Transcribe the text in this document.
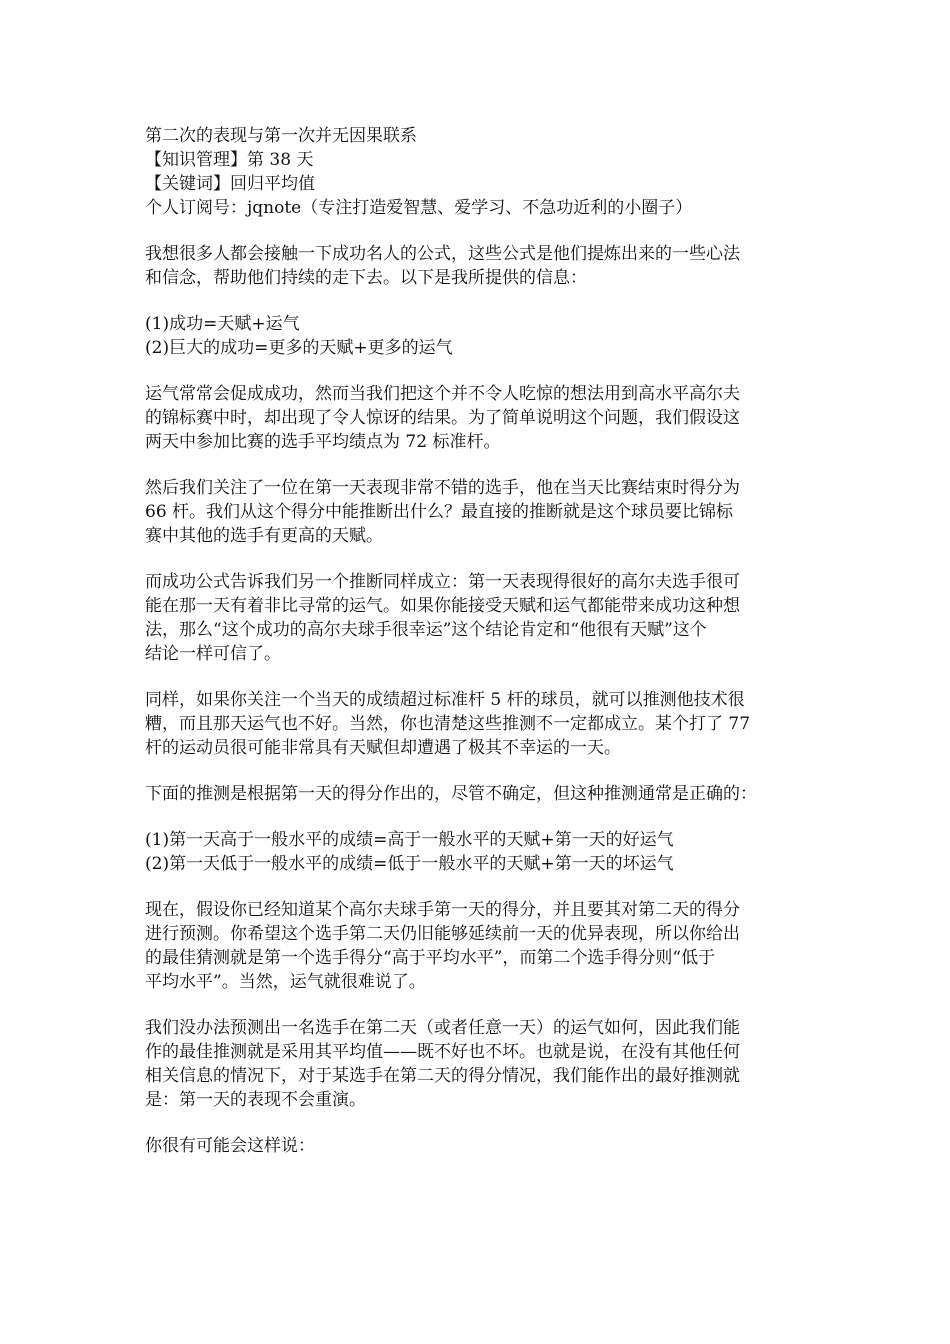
第二次的表现与第一次并无因果联系

【知识管理】第 38 天

【关键词】回归平均值

个人订阅号：jqnote（专注打造爱智慧、爱学习、不急功近利的小圈子）

我想很多人都会接触一下成功名人的公式，这些公式是他们提炼出来的一些心法

和信念，帮助他们持续的走下去。以下是我所提供的信息：

(1)成功=天赋+运气

(2)巨大的成功=更多的天赋+更多的运气

运气常常会促成成功，然而当我们把这个并不令人吃惊的想法用到高水平高尔夫

的锦标赛中时，却出现了令人惊讶的结果。为了简单说明这个问题，我们假设这

两天中参加比赛的选手平均绩点为 72 标准杆。

然后我们关注了一位在第一天表现非常不错的选手，他在当天比赛结束时得分为

66 杆。我们从这个得分中能推断出什么？最直接的推断就是这个球员要比锦标

赛中其他的选手有更高的天赋。

而成功公式告诉我们另一个推断同样成立：第一天表现得很好的高尔夫选手很可

能在那一天有着非比寻常的运气。如果你能接受天赋和运气都能带来成功这种想

法，那么“这个成功的高尔夫球手很幸运”这个结论肯定和“他很有天赋”这个

结论一样可信了。

同样，如果你关注一个当天的成绩超过标准杆 5 杆的球员，就可以推测他技术很

糟，而且那天运气也不好。当然，你也清楚这些推测不一定都成立。某个打了 77

杆的运动员很可能非常具有天赋但却遭遇了极其不幸运的一天。

下面的推测是根据第一天的得分作出的，尽管不确定，但这种推测通常是正确的：

(1)第一天高于一般水平的成绩=高于一般水平的天赋+第一天的好运气

(2)第一天低于一般水平的成绩=低于一般水平的天赋+第一天的坏运气

现在，假设你已经知道某个高尔夫球手第一天的得分，并且要其对第二天的得分

进行预测。你希望这个选手第二天仍旧能够延续前一天的优异表现，所以你给出

的最佳猜测就是第一个选手得分“高于平均水平”，而第二个选手得分则“低于

平均水平”。当然，运气就很难说了。

我们没办法预测出一名选手在第二天（或者任意一天）的运气如何，因此我们能

作的最佳推测就是采用其平均值——既不好也不坏。也就是说，在没有其他任何

相关信息的情况下，对于某选手在第二天的得分情况，我们能作出的最好推测就

是：第一天的表现不会重演。

你很有可能会这样说：
